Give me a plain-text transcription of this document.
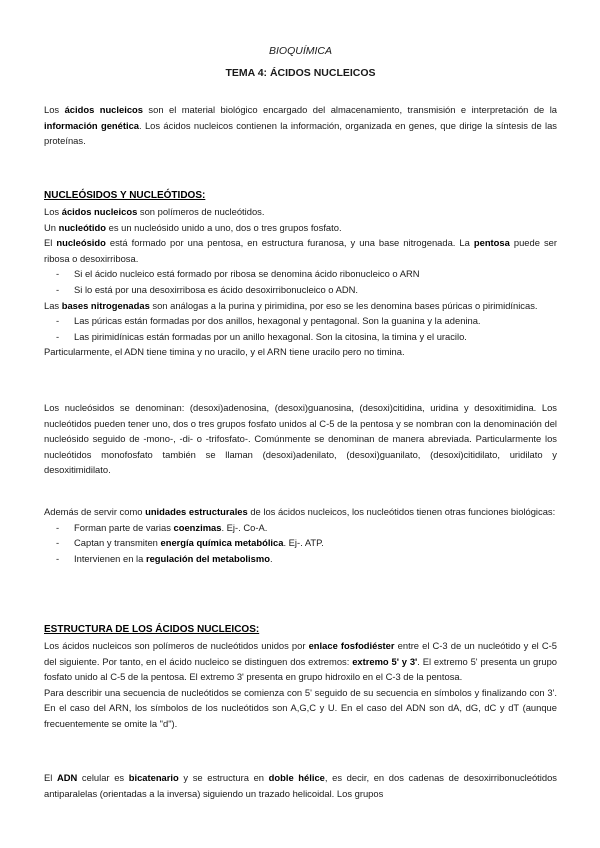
BIOQUÍMICA
TEMA 4: ÁCIDOS NUCLEICOS

Los ácidos nucleicos son el material biológico encargado del almacenamiento, transmisión e interpretación de la información genética. Los ácidos nucleicos contienen la información, organizada en genes, que dirige la síntesis de las proteínas.

NUCLEÓSIDOS Y NUCLEÓTIDOS:

Los ácidos nucleicos son polímeros de nucleótidos.

Un nucleótido es un nucleósido unido a uno, dos o tres grupos fosfato.

El nucleósido está formado por una pentosa, en estructura furanosa, y una base nitrogenada. La pentosa puede ser ribosa o desoxirribosa.

- Si el ácido nucleico está formado por ribosa se denomina ácido ribonucleico o ARN
- Si lo está por una desoxirribosa es ácido desoxirribonucleico o ADN.

Las bases nitrogenadas son análogas a la purina y pirimidina, por eso se les denomina bases púricas o pirimidínicas.

- Las púricas están formadas por dos anillos, hexagonal y pentagonal. Son la guanina y la adenina.
- Las pirimidínicas están formadas por un anillo hexagonal. Son la citosina, la timina y el uracilo.

Particularmente, el ADN tiene timina y no uracilo, y el ARN tiene uracilo pero no timina.

Los nucleósidos se denominan: (desoxi)adenosina, (desoxi)guanosina, (desoxi)citidina, uridina y desoxitimidina. Los nucleótidos pueden tener uno, dos o tres grupos fosfato unidos al C-5 de la pentosa y se nombran con la denominación del nucleósido seguido de -mono-, -di- o -trifosfato-. Comúnmente se denominan de manera abreviada. Particularmente los nucleótidos monofosfato también se llaman (desoxi)adenilato, (desoxi)guanilato, (desoxi)citidilato, uridilato y desoxitimidilato.

Además de servir como unidades estructurales de los ácidos nucleicos, los nucleótidos tienen otras funciones biológicas:

- Forman parte de varias coenzimas. Ej-. Co-A.
- Captan y transmiten energía química metabólica. Ej-. ATP.
- Intervienen en la regulación del metabolismo.
ESTRUCTURA DE LOS ÁCIDOS NUCLEICOS:

Los ácidos nucleicos son polímeros de nucleótidos unidos por enlace fosfodiéster entre el C-3 de un nucleótido y el C-5 del siguiente. Por tanto, en el ácido nucleico se distinguen dos extremos: extremo 5' y 3'. El extremo 5' presenta un grupo fosfato unido al C-5 de la pentosa. El extremo 3' presenta en grupo hidroxilo en el C-3 de la pentosa.

Para describir una secuencia de nucleótidos se comienza con 5' seguido de su secuencia en símbolos y finalizando con 3'. En el caso del ARN, los símbolos de los nucleótidos son A,G,C y U. En el caso del ADN son dA, dG, dC y dT (aunque frecuentemente se omite la "d").

El ADN celular es bicatenario y se estructura en doble hélice, es decir, en dos cadenas de desoxirribonucleótidos antiparalelas (orientadas a la inversa) siguiendo un trazado helicoidal. Los grupos
